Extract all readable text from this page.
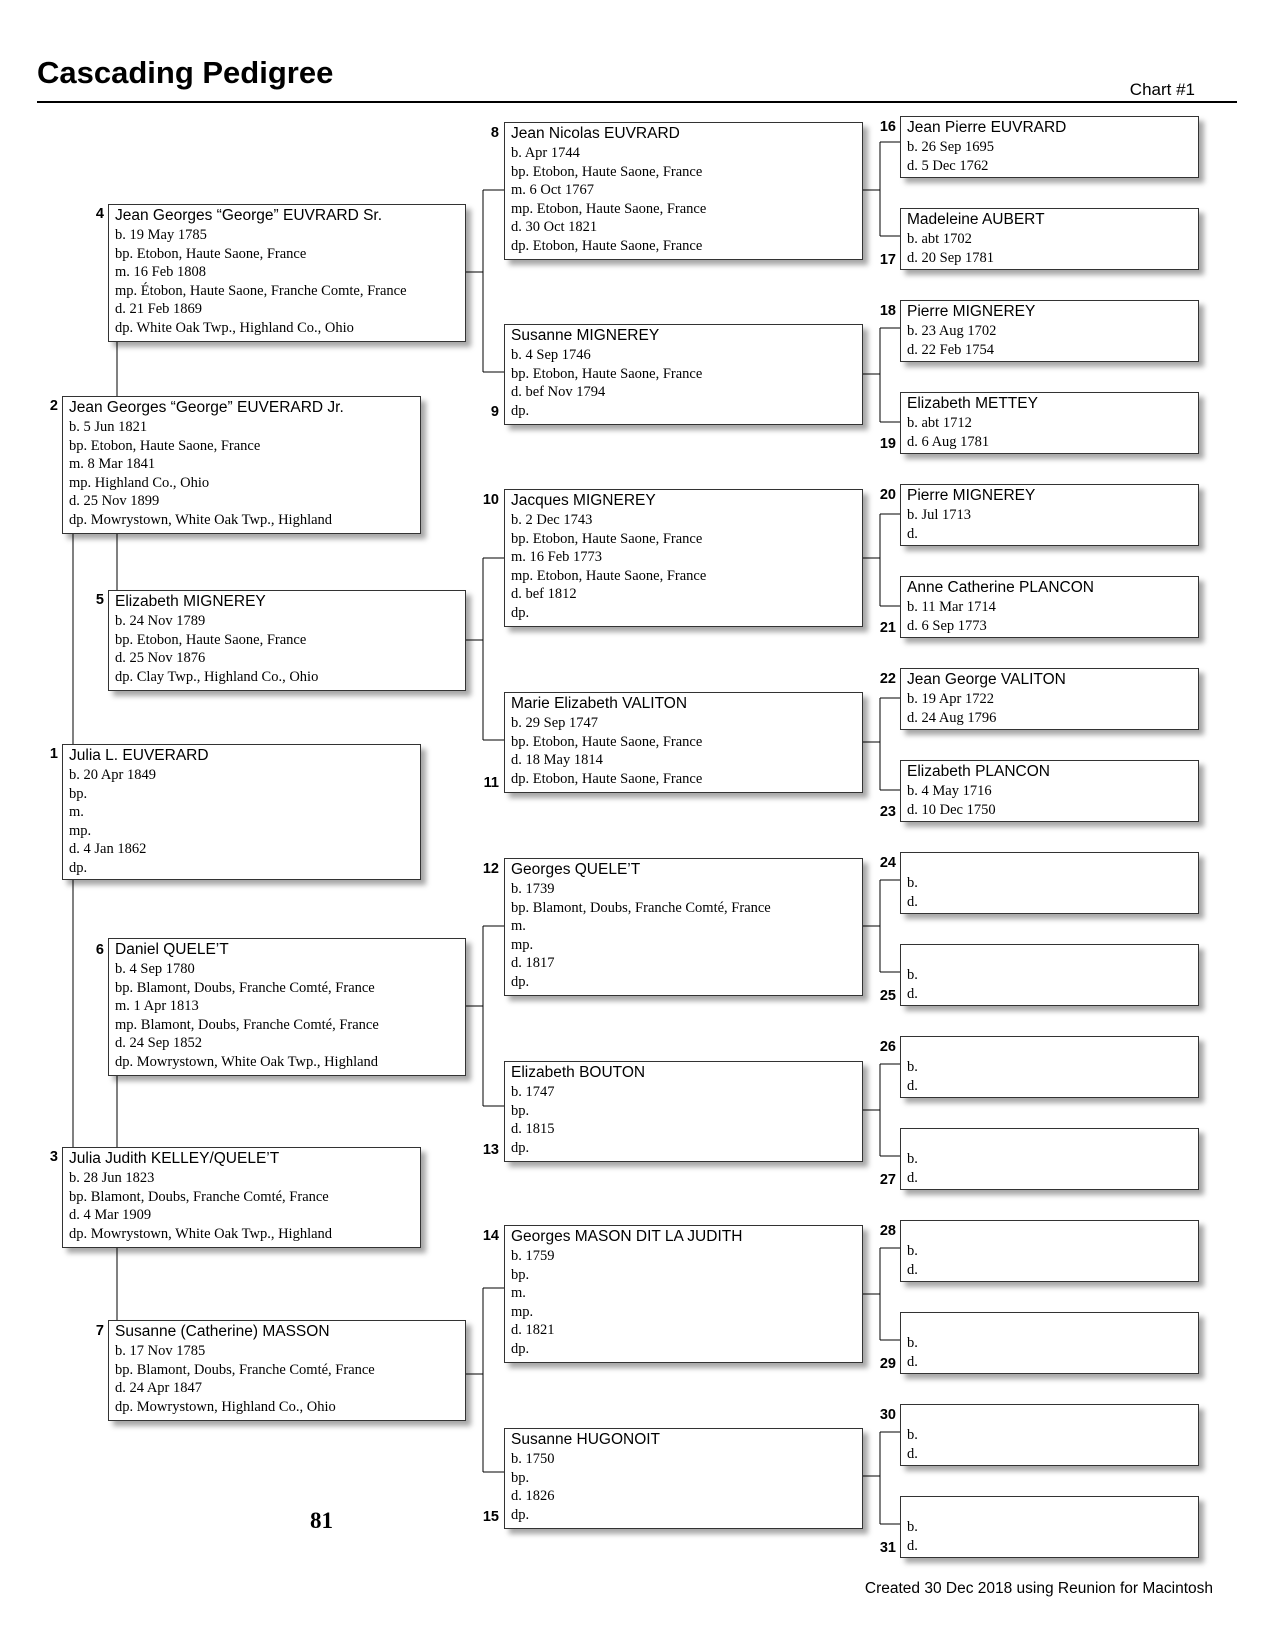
Cascading Pedigree	Chart #1
1 Julia L. EUVERARD
b. 20 Apr 1849
bp.
m.
mp.
d. 4 Jan 1862
dp.
2 Jean Georges “George” EUVERARD Jr.
b. 5 Jun 1821
bp. Etobon, Haute Saone, France
m. 8 Mar 1841
mp. Highland Co., Ohio
d. 25 Nov 1899
dp. Mowrystown, White Oak Twp., Highland
3 Julia Judith KELLEY/QUELE’T
b. 28 Jun 1823
bp. Blamont, Doubs, Franche Comté, France
d. 4 Mar 1909
dp. Mowrystown, White Oak Twp., Highland
4 Jean Georges “George” EUVRARD Sr.
b. 19 May 1785
bp. Etobon, Haute Saone, France
m. 16 Feb 1808
mp. Étobon, Haute Saone, Franche Comte, France
d. 21 Feb 1869
dp. White Oak Twp., Highland Co., Ohio
5 Elizabeth MIGNEREY
b. 24 Nov 1789
bp. Etobon, Haute Saone, France
d. 25 Nov 1876
dp. Clay Twp., Highland Co., Ohio
6 Daniel QUELE’T
b. 4 Sep 1780
bp. Blamont, Doubs, Franche Comté, France
m. 1 Apr 1813
mp. Blamont, Doubs, Franche Comté, France
d. 24 Sep 1852
dp. Mowrystown, White Oak Twp., Highland
7 Susanne (Catherine) MASSON
b. 17 Nov 1785
bp. Blamont, Doubs, Franche Comté, France
d. 24 Apr 1847
dp. Mowrystown, Highland Co., Ohio
8 Jean Nicolas EUVRARD
b. Apr 1744
bp. Etobon, Haute Saone, France
m. 6 Oct 1767
mp. Etobon, Haute Saone, France
d. 30 Oct 1821
dp. Etobon, Haute Saone, France
9
Susanne MIGNEREY
b. 4 Sep 1746
bp. Etobon, Haute Saone, France
d. bef Nov 1794
dp.
10 Jacques MIGNEREY
b. 2 Dec 1743
bp. Etobon, Haute Saone, France
m. 16 Feb 1773
mp. Etobon, Haute Saone, France
d. bef 1812
dp.
11
Marie Elizabeth VALITON
b. 29 Sep 1747
bp. Etobon, Haute Saone, France
d. 18 May 1814
dp. Etobon, Haute Saone, France
12 Georges QUELE’T
b. 1739
bp. Blamont, Doubs, Franche Comté, France
m.
mp.
d. 1817
dp.
13
Elizabeth BOUTON
b. 1747
bp.
d. 1815
dp.
14 Georges MASON DIT LA JUDITH
b. 1759
bp.
m.
mp.
d. 1821
dp.
15
Susanne HUGONOIT
b. 1750
bp.
d. 1826
dp.
16 Jean Pierre EUVRARD
b. 26 Sep 1695
d. 5 Dec 1762
17
Madeleine AUBERT
b. abt 1702
d. 20 Sep 1781
18 Pierre MIGNEREY
b. 23 Aug 1702
d. 22 Feb 1754
19
Elizabeth METTEY
b. abt 1712
d. 6 Aug 1781
20 Pierre MIGNEREY
b. Jul 1713
d.
21
Anne Catherine PLANCON
b. 11 Mar 1714
d. 6 Sep 1773
22 Jean George VALITON
b. 19 Apr 1722
d. 24 Aug 1796
23
Elizabeth PLANCON
b. 4 May 1716
d. 10 Dec 1750
24
b.
d.
25
b.
d.
26
b.
d.
27
b.
d.
28
b.
d.
29
b.
d.
30
b.
d.
31
b.
d.
81
Created 30 Dec 2018 using Reunion for Macintosh
